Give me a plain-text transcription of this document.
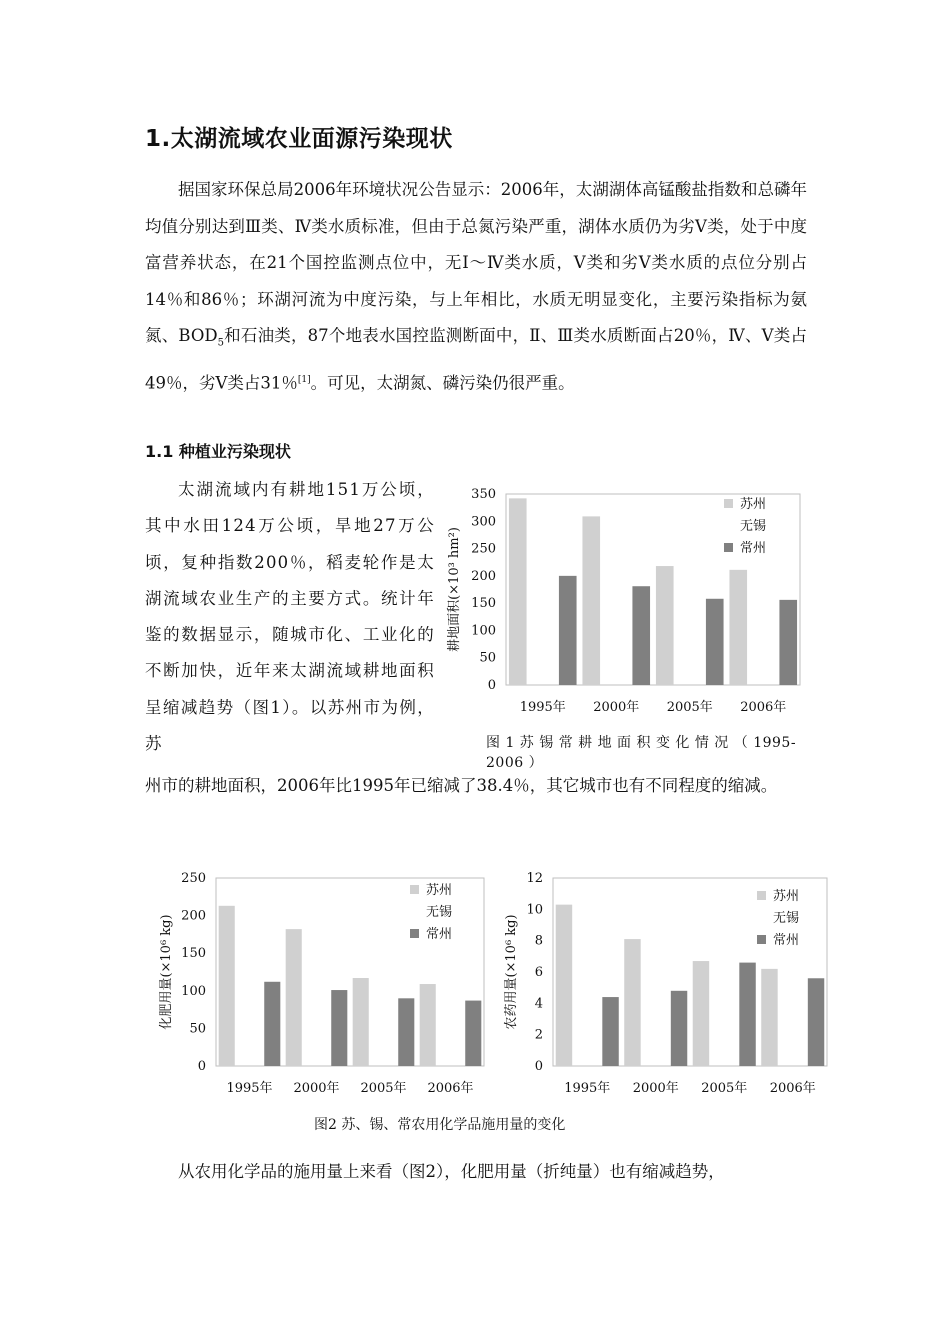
1.太湖流域农业面源污染现状

据国家环保总局2006年环境状况公告显示：2006年，太湖湖体高锰酸盐指数和总磷年均值分别达到Ⅲ类、Ⅳ类水质标准，但由于总氮污染严重，湖体水质仍为劣Ⅴ类，处于中度富营养状态，在21个国控监测点位中，无Ⅰ～Ⅳ类水质，Ⅴ类和劣Ⅴ类水质的点位分别占14％和86％；环湖河流为中度污染，与上年相比，水质无明显变化，主要污染指标为氨氮、$BOD_5$和石油类，87个地表水国控监测断面中，Ⅱ、Ⅲ类水质断面占20％，Ⅳ、Ⅴ类占49％，劣Ⅴ类占31％[1]。可见，太湖氮、磷污染仍很严重。

1.1 种植业污染现状

太湖流域内有耕地151万公顷，其中水田124万公顷，旱地27万公顷，复种指数200％，稻麦轮作是太湖流域农业生产的主要方式。统计年鉴的数据显示，随城市化、工业化的不断加快，近年来太湖流域耕地面积呈缩减趋势（图1）。以苏州市为例，苏

0
50
100
150
200
250
300
350
耕地面积(×10³ hm²)
1995年 2000年 2005年 2006年
苏州
无锡
常州

图 1 苏 锡 常 耕 地 面 积 变 化 情 况 （ 1995-2006 ）

州市的耕地面积，2006年比1995年已缩减了38.4％，其它城市也有不同程度的缩减。

0
50
100
150
200
250
化肥用量(×10⁶ kg)
1995年 2000年 2005年 2006年
苏州
无锡
常州
0
2
4
6
8
10
12
农药用量(×10⁶ kg)
1995年 2000年 2005年 2006年
苏州
无锡
常州

图2 苏、锡、常农用化学品施用量的变化

从农用化学品的施用量上来看（图2），化肥用量（折纯量）也有缩减趋势，
